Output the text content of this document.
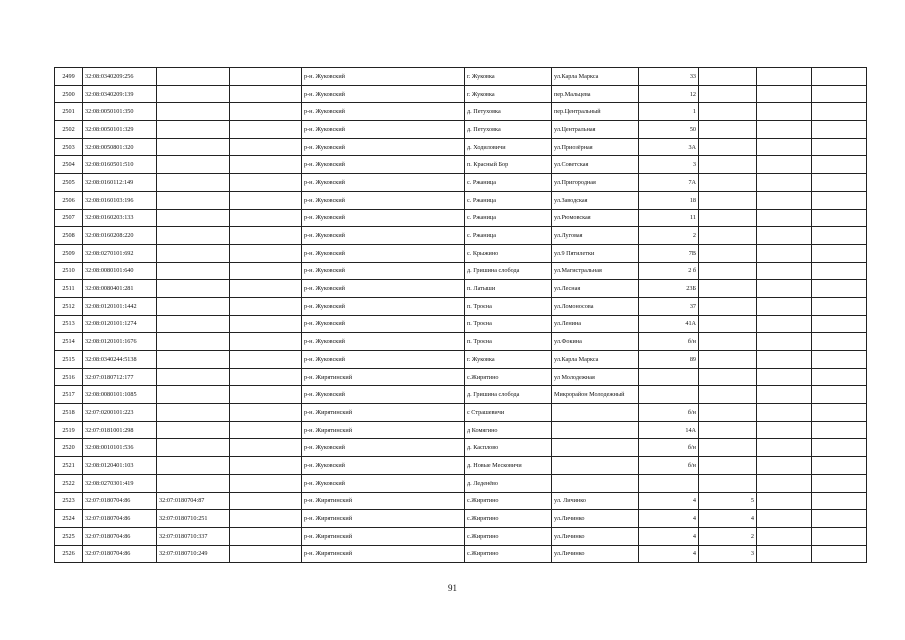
2499	32:08:0340209:256			р-н. Жуковский	г. Жуковка	ул.Карла Маркса	33			
2500	32:08:0340209:139			р-н. Жуковский	г. Жуковка	пер.Мальцева	12			
2501	32:08:0050101:350			р-н. Жуковский	д. Петуховка	пер.Центральный	1			
2502	32:08:0050101:329			р-н. Жуковский	д. Петуховка	ул.Центральная	50			
2503	32:08:0050801:320			р-н. Жуковский	д. Ходиловичи	ул.Приозёрная	3А			
2504	32:08:0160501:510			р-н. Жуковский	п. Красный Бор	ул.Советская	3			
2505	32:08:0160112:149			р-н. Жуковский	с. Ржаница	ул.Пригородная	7А			
2506	32:08:0160103:196			р-н. Жуковский	с. Ржаница	ул.Заводская	18			
2507	32:08:0160203:133			р-н. Жуковский	с. Ржаница	ул.Рюмовская	11			
2508	32:08:0160208:220			р-н. Жуковский	с. Ржаница	ул.Луговая	2			
2509	32:08:0270101:692			р-н. Жуковский	с. Крыжино	ул.9 Пятилетки	7В			
2510	32:08:0080101:640			р-н. Жуковский	д. Гришина слобода	ул.Магистральная	2 б			
2511	32:08:0080401:281			р-н. Жуковский	п. Латыши	ул.Лесная	23Б			
2512	32:08:0120101:1442			р-н. Жуковский	п. Троєна	ул.Ломоносова	37			
2513	32:08:0120101:1274			р-н. Жуковский	п. Троєна	ул.Ленина	41А			
2514	32:08:0120101:1676			р-н. Жуковский	п. Троєна	ул.Фокина	б/н			
2515	32:08:0340244:5138			р-н. Жуковский	г. Жуковка	ул.Карла Маркса	89			
2516	32:07:0180712:177			р-н. Жирятинский	с.Жирятино	ул Молодежная				
2517	32:08:0080101:1085			р-н. Жуковский	д. Гришина слобода	Микрорайон Молодежный				
2518	32:07:0200101:223			р-н. Жирятинский	с Страшевичи		б/н			
2519	32:07:0181001:298			р-н. Жирятинский	д Комягино		14А			
2520	32:08:0010101:536			р-н. Жуковский	д. Касплово		б/н			
2521	32:08:0120401:103			р-н. Жуковский	д. Новые Месковичи		б/н			
2522	32:08:0270301:419			р-н. Жуковский	д. Леденёво					
2523	32:07:0180704:86	32:07:0180704:87		р-н. Жирятинский	с.Жирятино	ул. Личинко	4	5		
2524	32:07:0180704:86	32:07:0180710:251		р-н. Жирятинский	с.Жирятино	ул.Личинко	4	4		
2525	32:07:0180704:86	32:07:0180710:337		р-н. Жирятинский	с.Жирятино	ул.Личинко	4	2		
2526	32:07:0180704:86	32:07:0180710:249		р-н. Жирятинский	с.Жирятино	ул.Личинко	4	3		
91
